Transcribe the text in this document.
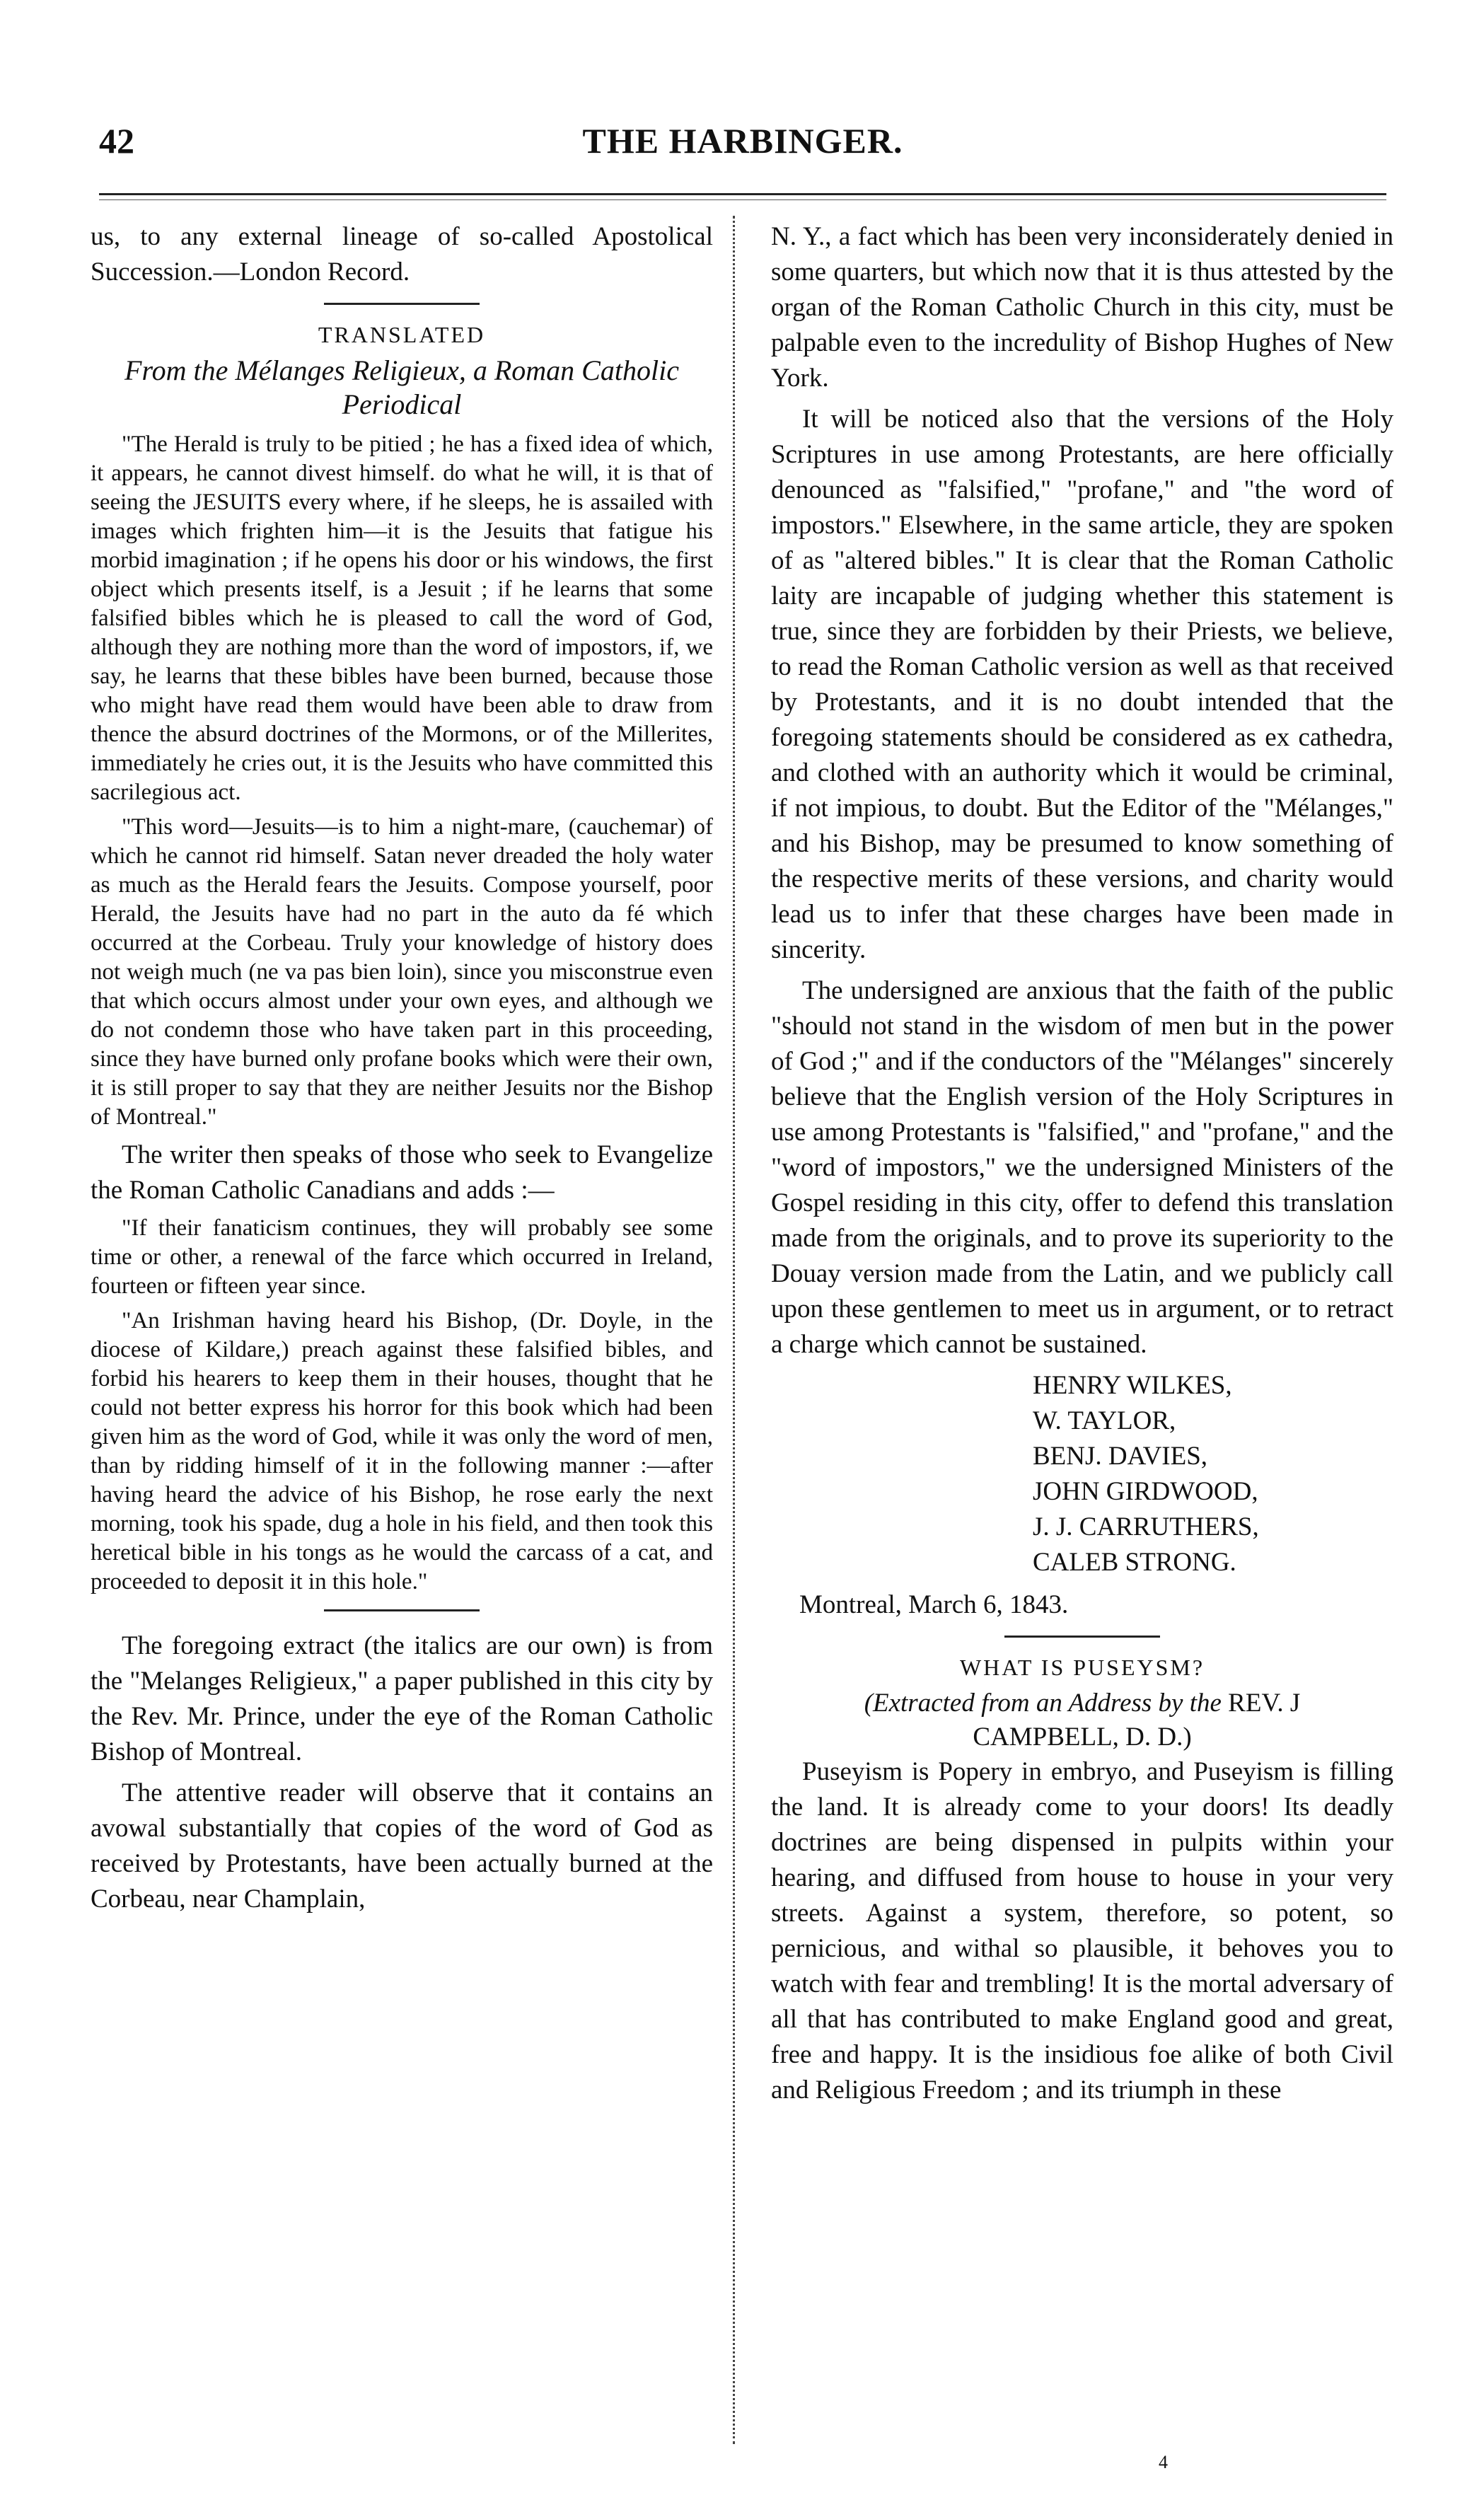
42	THE HARBINGER.

us, to any external lineage of so-called Apostolical Succession.—London Record.

TRANSLATED
From the Mélanges Religieux, a Roman Catholic Periodical

"The Herald is truly to be pitied ; he has a fixed idea of which, it appears, he cannot divest himself. do what he will, it is that of seeing the JESUITS every where, if he sleeps, he is assailed with images which frighten him—it is the Jesuits that fatigue his morbid imagination ; if he opens his door or his windows, the first object which presents itself, is a Jesuit ; if he learns that some falsified bibles which he is pleased to call the word of God, although they are nothing more than the word of impostors, if, we say, he learns that these bibles have been burned, because those who might have read them would have been able to draw from thence the absurd doctrines of the Mormons, or of the Millerites, immediately he cries out, it is the Jesuits who have committed this sacrilegious act.

"This word—Jesuits—is to him a night-mare, (cauchemar) of which he cannot rid himself. Satan never dreaded the holy water as much as the Herald fears the Jesuits. Compose yourself, poor Herald, the Jesuits have had no part in the auto da fé which occurred at the Corbeau. Truly your knowledge of history does not weigh much (ne va pas bien loin), since you misconstrue even that which occurs almost under your own eyes, and although we do not condemn those who have taken part in this proceeding, since they have burned only profane books which were their own, it is still proper to say that they are neither Jesuits nor the Bishop of Montreal."

The writer then speaks of those who seek to Evangelize the Roman Catholic Canadians and adds :—

"If their fanaticism continues, they will probably see some time or other, a renewal of the farce which occurred in Ireland, fourteen or fifteen year since.

"An Irishman having heard his Bishop, (Dr. Doyle, in the diocese of Kildare,) preach against these falsified bibles, and forbid his hearers to keep them in their houses, thought that he could not better express his horror for this book which had been given him as the word of God, while it was only the word of men, than by ridding himself of it in the following manner :—after having heard the advice of his Bishop, he rose early the next morning, took his spade, dug a hole in his field, and then took this heretical bible in his tongs as he would the carcass of a cat, and proceeded to deposit it in this hole."

The foregoing extract (the italics are our own) is from the "Melanges Religieux," a paper published in this city by the Rev. Mr. Prince, under the eye of the Roman Catholic Bishop of Montreal.

The attentive reader will observe that it contains an avowal substantially that copies of the word of God as received by Protestants, have been actually burned at the Corbeau, near Champlain,

N. Y., a fact which has been very inconsiderately denied in some quarters, but which now that it is thus attested by the organ of the Roman Catholic Church in this city, must be palpable even to the incredulity of Bishop Hughes of New York.

It will be noticed also that the versions of the Holy Scriptures in use among Protestants, are here officially denounced as "falsified," "profane," and "the word of impostors." Elsewhere, in the same article, they are spoken of as "altered bibles." It is clear that the Roman Catholic laity are incapable of judging whether this statement is true, since they are forbidden by their Priests, we believe, to read the Roman Catholic version as well as that received by Protestants, and it is no doubt intended that the foregoing statements should be considered as ex cathedra, and clothed with an authority which it would be criminal, if not impious, to doubt. But the Editor of the "Mélanges," and his Bishop, may be presumed to know something of the respective merits of these versions, and charity would lead us to infer that these charges have been made in sincerity.

The undersigned are anxious that the faith of the public "should not stand in the wisdom of men but in the power of God ;" and if the conductors of the "Mélanges" sincerely believe that the English version of the Holy Scriptures in use among Protestants is "falsified," and "profane," and the "word of impostors," we the undersigned Ministers of the Gospel residing in this city, offer to defend this translation made from the originals, and to prove its superiority to the Douay version made from the Latin, and we publicly call upon these gentlemen to meet us in argument, or to retract a charge which cannot be sustained.

HENRY WILKES,
W. TAYLOR,
BENJ. DAVIES,
JOHN GIRDWOOD,
J. J. CARRUTHERS,
CALEB STRONG.
Montreal, March 6, 1843.
WHAT IS PUSEYSM?
(Extracted from an Address by the REV. J
CAMPBELL, D. D.)

Puseyism is Popery in embryo, and Puseyism is filling the land. It is already come to your doors! Its deadly doctrines are being dispensed in pulpits within your hearing, and diffused from house to house in your very streets. Against a system, therefore, so potent, so pernicious, and withal so plausible, it behoves you to watch with fear and trembling! It is the mortal adversary of all that has contributed to make England good and great, free and happy. It is the insidious foe alike of both Civil and Religious Freedom ; and its triumph in these

4
